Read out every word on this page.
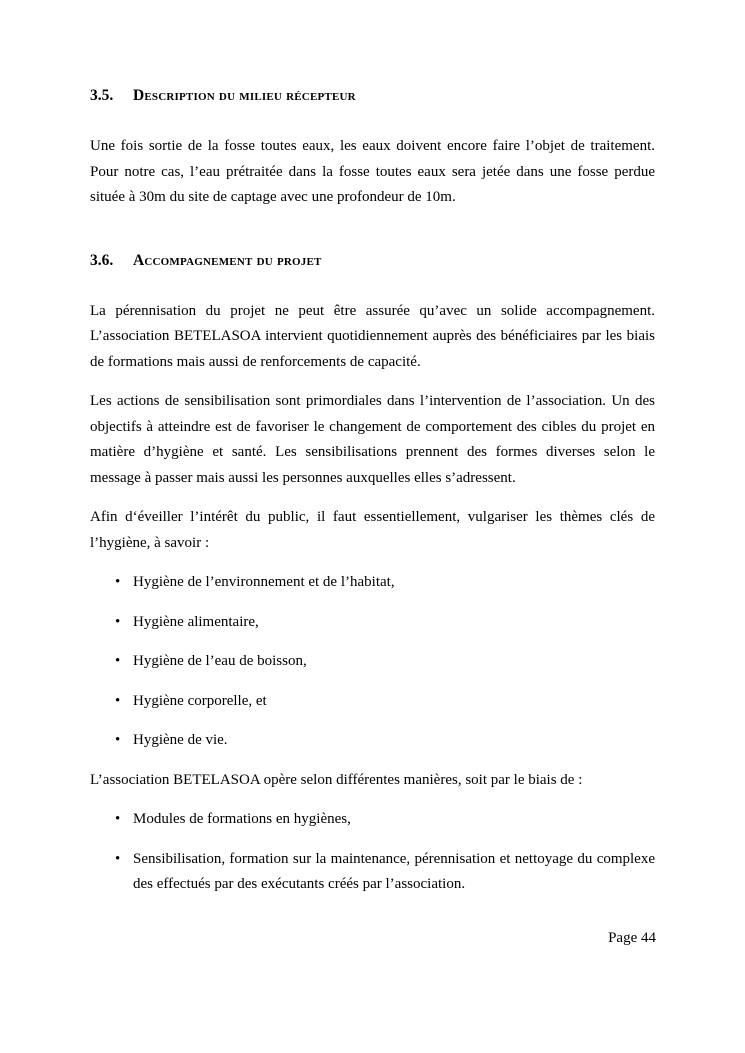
3.5. Description du milieu récepteur

Une fois sortie de la fosse toutes eaux, les eaux doivent encore faire l’objet de traitement. Pour notre cas, l’eau prétraitée dans la fosse toutes eaux sera jetée dans une fosse perdue située à 30m du site de captage avec une profondeur de 10m.

3.6. Accompagnement du projet

La pérennisation du projet ne peut être assurée qu’avec un solide accompagnement. L’association BETELASOA intervient quotidiennement auprès des bénéficiaires par les biais de formations mais aussi de renforcements de capacité.

Les actions de sensibilisation sont primordiales dans l’intervention de l’association. Un des objectifs à atteindre est de favoriser le changement de comportement des cibles du projet en matière d’hygiène et santé. Les sensibilisations prennent des formes diverses selon le message à passer mais aussi les personnes auxquelles elles s’adressent.

Afin d‘éveiller l’intérêt du public, il faut essentiellement, vulgariser les thèmes clés de l’hygiène, à savoir :

• Hygiène de l’environnement et de l’habitat,
• Hygiène alimentaire,
• Hygiène de l’eau de boisson,
• Hygiène corporelle, et
• Hygiène de vie.

L’association BETELASOA opère selon différentes manières, soit par le biais de :

• Modules de formations en hygiènes,
• Sensibilisation, formation sur la maintenance, pérennisation et nettoyage du complexe des effectués par des exécutants créés par l’association.
Page 44
